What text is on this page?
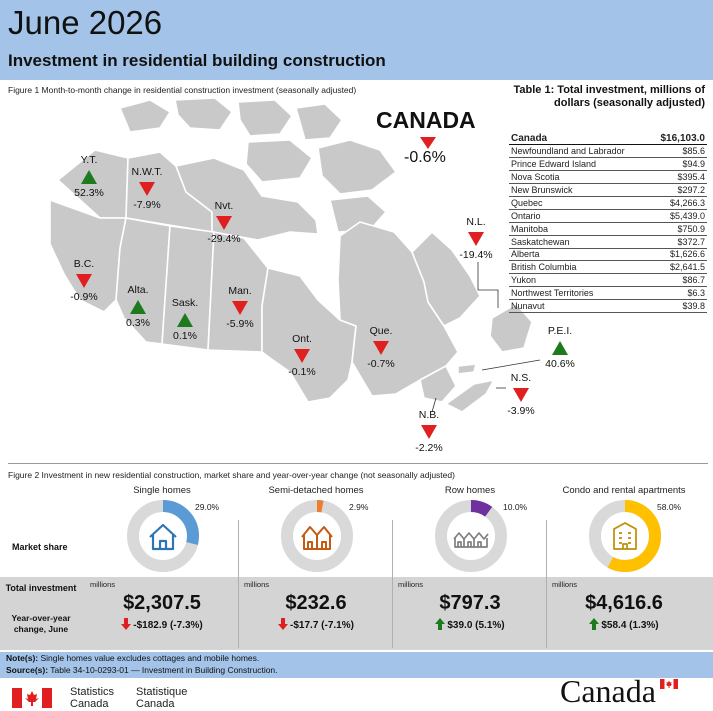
June 2026
Investment in residential building construction
Figure 1 Month-to-month change in residential construction investment (seasonally adjusted)
CANADA
-0.6%
Y.T.
52.3%
N.W.T.
-7.9%	Nvt.
-29.4%
N.L.
-19.4%
B.C.
-0.9%
Alta.
0.3%
Sask.
0.1%
Man.
-5.9%
Ont.
-0.1%
Que.
-0.7%
P.E.I.
40.6%
N.S.
-3.9%
N.B.
-2.2%
Table 1: Total investment, millions of dollars (seasonally adjusted)
Canada	$16,103.0
Newfoundland and Labrador	$85.6
Prince Edward Island	$94.9
Nova Scotia	$395.4
New Brunswick	$297.2
Quebec	$4,266.3
Ontario	$5,439.0
Manitoba	$750.9
Saskatchewan	$372.7
Alberta	$1,626.6
British Columbia	$2,641.5
Yukon	$86.7
Northwest Territories	$6.3
Nunavut	$39.8
Figure 2 Investment in new residential construction, market share and year-over-year change (not seasonally adjusted)
Market share
Total investment
Year-over-year change, June
Single homes
29.0%
millions
$2,307.5
-$182.9 (-7.3%)
Semi-detached homes
2.9%
millions
$232.6
-$17.7 (-7.1%)
Row homes
10.0%
millions
$797.3
$39.0 (5.1%)
Condo and rental apartments
58.0%
millions
$4,616.6
$58.4 (1.3%)
Note(s): Single homes value excludes cottages and mobile homes.
Source(s): Table 34-10-0293-01 — Investment in Building Construction.
Statistics
Canada
Statistique
Canada	Canada
